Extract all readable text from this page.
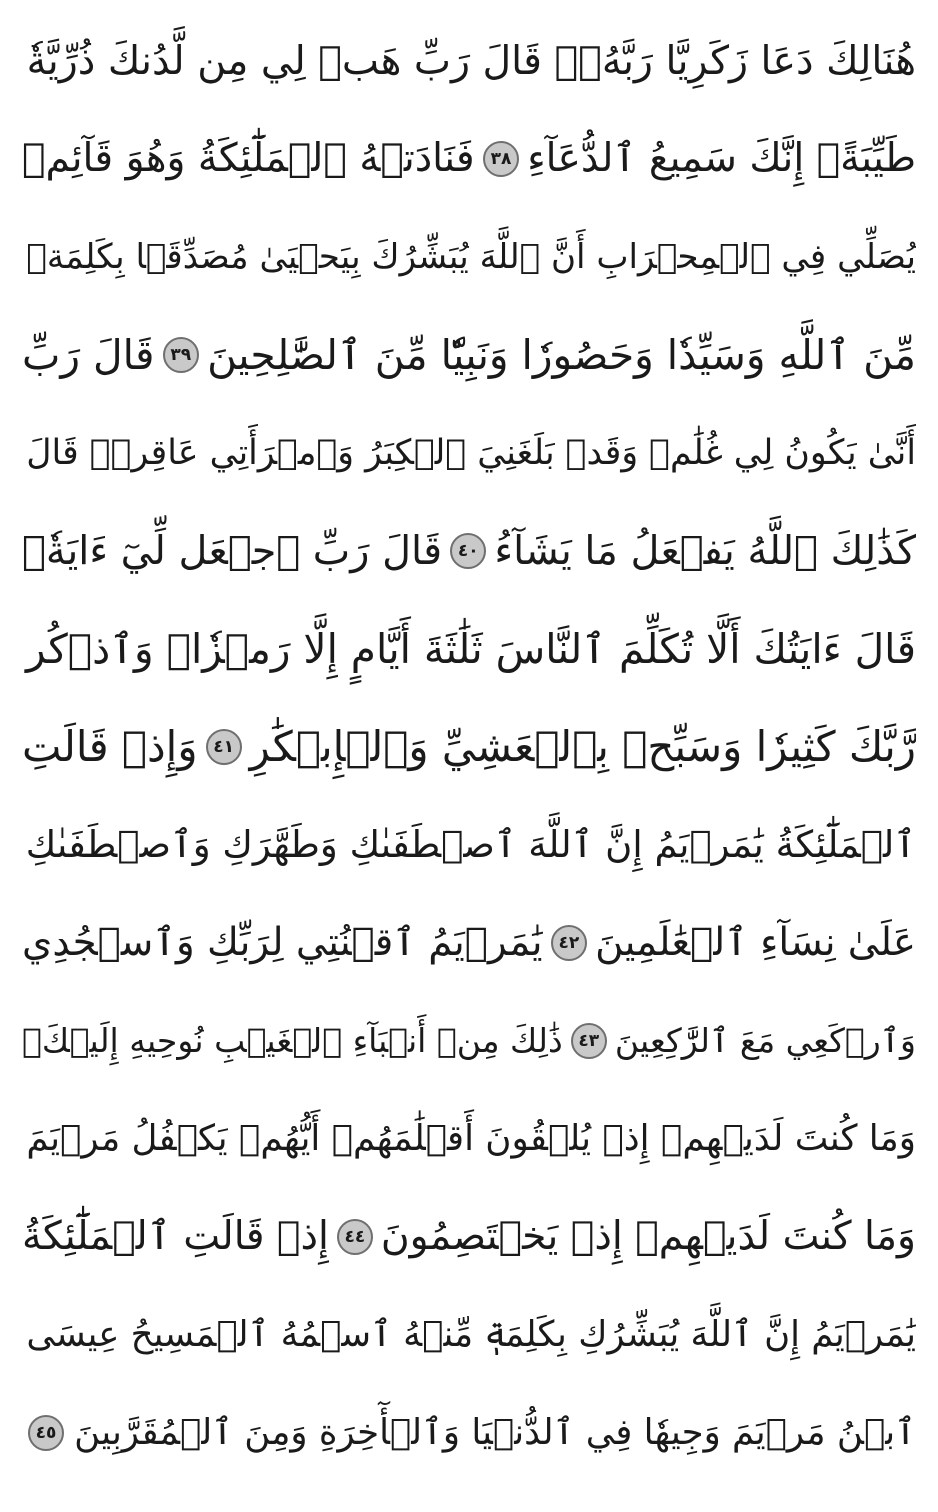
هُنَالِكَ دَعَا زَكَرِيَّا رَبَّهُۥۖ قَالَ رَبِّ هَبۡ لِي مِن لَّدُنكَ ذُرِّيَّةٗ
طَيِّبَةًۖ إِنَّكَ سَمِيعُ ٱلدُّعَآءِ
٣٨
فَنَادَتۡهُ ٱلۡمَلَٰٓئِكَةُ وَهُوَ قَآئِمٞ
يُصَلِّي فِي ٱلۡمِحۡرَابِ أَنَّ ٱللَّهَ يُبَشِّرُكَ بِيَحۡيَىٰ مُصَدِّقَۢا بِكَلِمَةٖ
مِّنَ ٱللَّهِ وَسَيِّدٗا وَحَصُورٗا وَنَبِيّٗا مِّنَ ٱلصَّٰلِحِينَ
٣٩
قَالَ رَبِّ
أَنَّىٰ يَكُونُ لِي غُلَٰمٞ وَقَدۡ بَلَغَنِيَ ٱلۡكِبَرُ وَٱمۡرَأَتِي عَاقِرٞۖ قَالَ
كَذَٰلِكَ ٱللَّهُ يَفۡعَلُ مَا يَشَآءُ
٤٠
قَالَ رَبِّ ٱجۡعَل لِّيٓ ءَايَةٗۖ
قَالَ ءَايَتُكَ أَلَّا تُكَلِّمَ ٱلنَّاسَ ثَلَٰثَةَ أَيَّامٍ إِلَّا رَمۡزٗاۗ وَٱذۡكُر
رَّبَّكَ كَثِيرٗا وَسَبِّحۡ بِٱلۡعَشِيِّ وَٱلۡإِبۡكَٰرِ
٤١
وَإِذۡ قَالَتِ
ٱلۡمَلَٰٓئِكَةُ يَٰمَرۡيَمُ إِنَّ ٱللَّهَ ٱصۡطَفَىٰكِ وَطَهَّرَكِ وَٱصۡطَفَىٰكِ
عَلَىٰ نِسَآءِ ٱلۡعَٰلَمِينَ
٤٢
يَٰمَرۡيَمُ ٱقۡنُتِي لِرَبِّكِ وَٱسۡجُدِي
وَٱرۡكَعِي مَعَ ٱلرَّٰكِعِينَ
٤٣
ذَٰلِكَ مِنۡ أَنۢبَآءِ ٱلۡغَيۡبِ نُوحِيهِ إِلَيۡكَۚ
وَمَا كُنتَ لَدَيۡهِمۡ إِذۡ يُلۡقُونَ أَقۡلَٰمَهُمۡ أَيُّهُمۡ يَكۡفُلُ مَرۡيَمَ
وَمَا كُنتَ لَدَيۡهِمۡ إِذۡ يَخۡتَصِمُونَ
٤٤
إِذۡ قَالَتِ ٱلۡمَلَٰٓئِكَةُ
يَٰمَرۡيَمُ إِنَّ ٱللَّهَ يُبَشِّرُكِ بِكَلِمَةٖ مِّنۡهُ ٱسۡمُهُ ٱلۡمَسِيحُ عِيسَى
ٱبۡنُ مَرۡيَمَ وَجِيهٗا فِي ٱلدُّنۡيَا وَٱلۡأٓخِرَةِ وَمِنَ ٱلۡمُقَرَّبِينَ
٤٥
